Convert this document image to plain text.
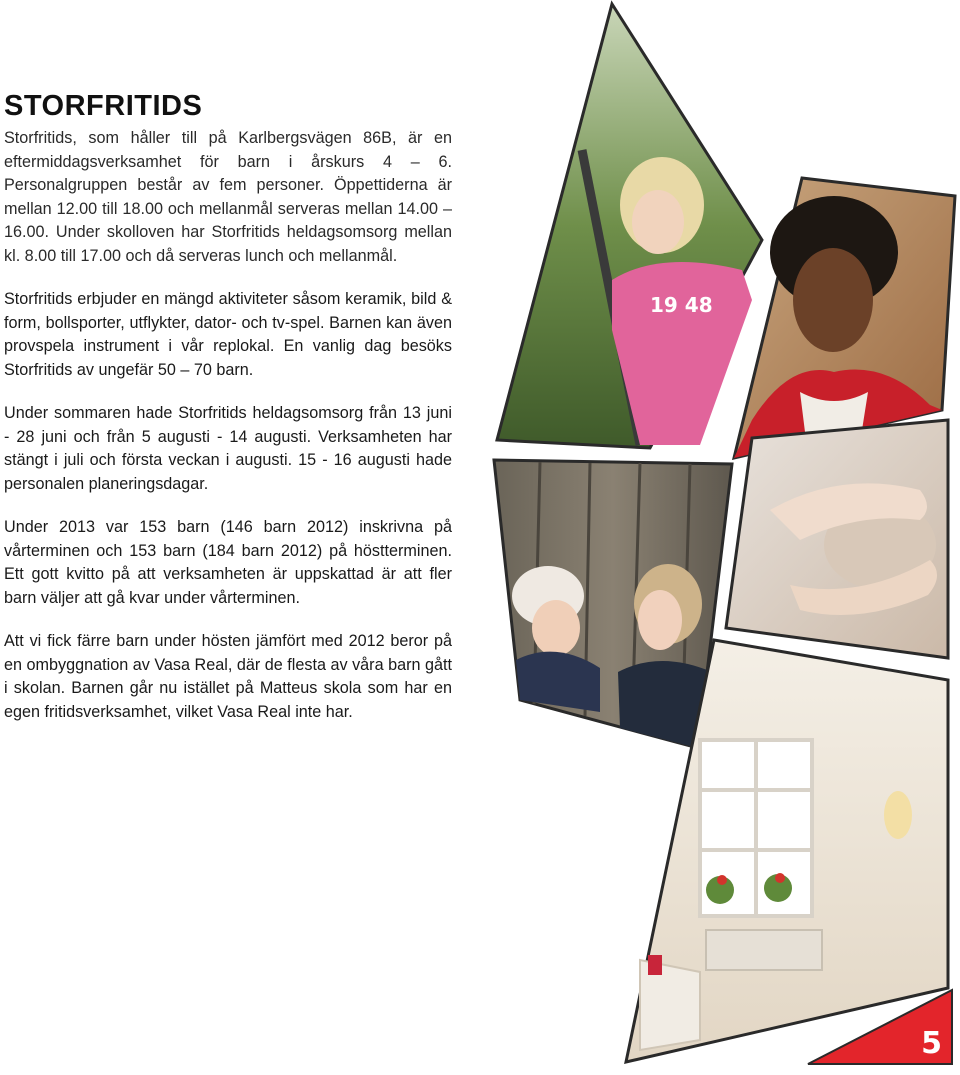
19 48
STORFRITIDS

Storfritids, som håller till på Karlbergsvägen 86B, är en eftermiddagsverksamhet för barn i årskurs 4 – 6. Personalgruppen består av fem personer. Öppettiderna är mellan 12.00 till 18.00 och mellanmål serveras mellan 14.00 – 16.00. Under skolloven har Storfritids heldagsomsorg mellan kl. 8.00 till 17.00 och då serveras lunch och mellanmål.

Storfritids erbjuder en mängd aktiviteter såsom keramik, bild & form, bollsporter, utflykter, dator- och tv-spel. Barnen kan även provspela instrument i vår replokal. En vanlig dag besöks Storfritids av ungefär 50 – 70 barn.

Under sommaren hade Storfritids heldagsomsorg från 13 juni - 28 juni och från 5 augusti - 14 augusti. Verksamheten har stängt i juli och första veckan i augusti. 15 - 16 augusti hade personalen planeringsdagar.

Under 2013 var 153 barn (146 barn 2012) inskrivna på vårterminen och 153 barn (184 barn 2012) på höstterminen. Ett gott kvitto på att verksamheten är uppskattad är att fler barn väljer att gå kvar under vårterminen.

Att vi fick färre barn under hösten jämfört med 2012 beror på en ombyggnation av Vasa Real, där de flesta av våra barn gått i skolan. Barnen går nu istället på Matteus skola som har en egen fritidsverksamhet, vilket Vasa Real inte har.

5
